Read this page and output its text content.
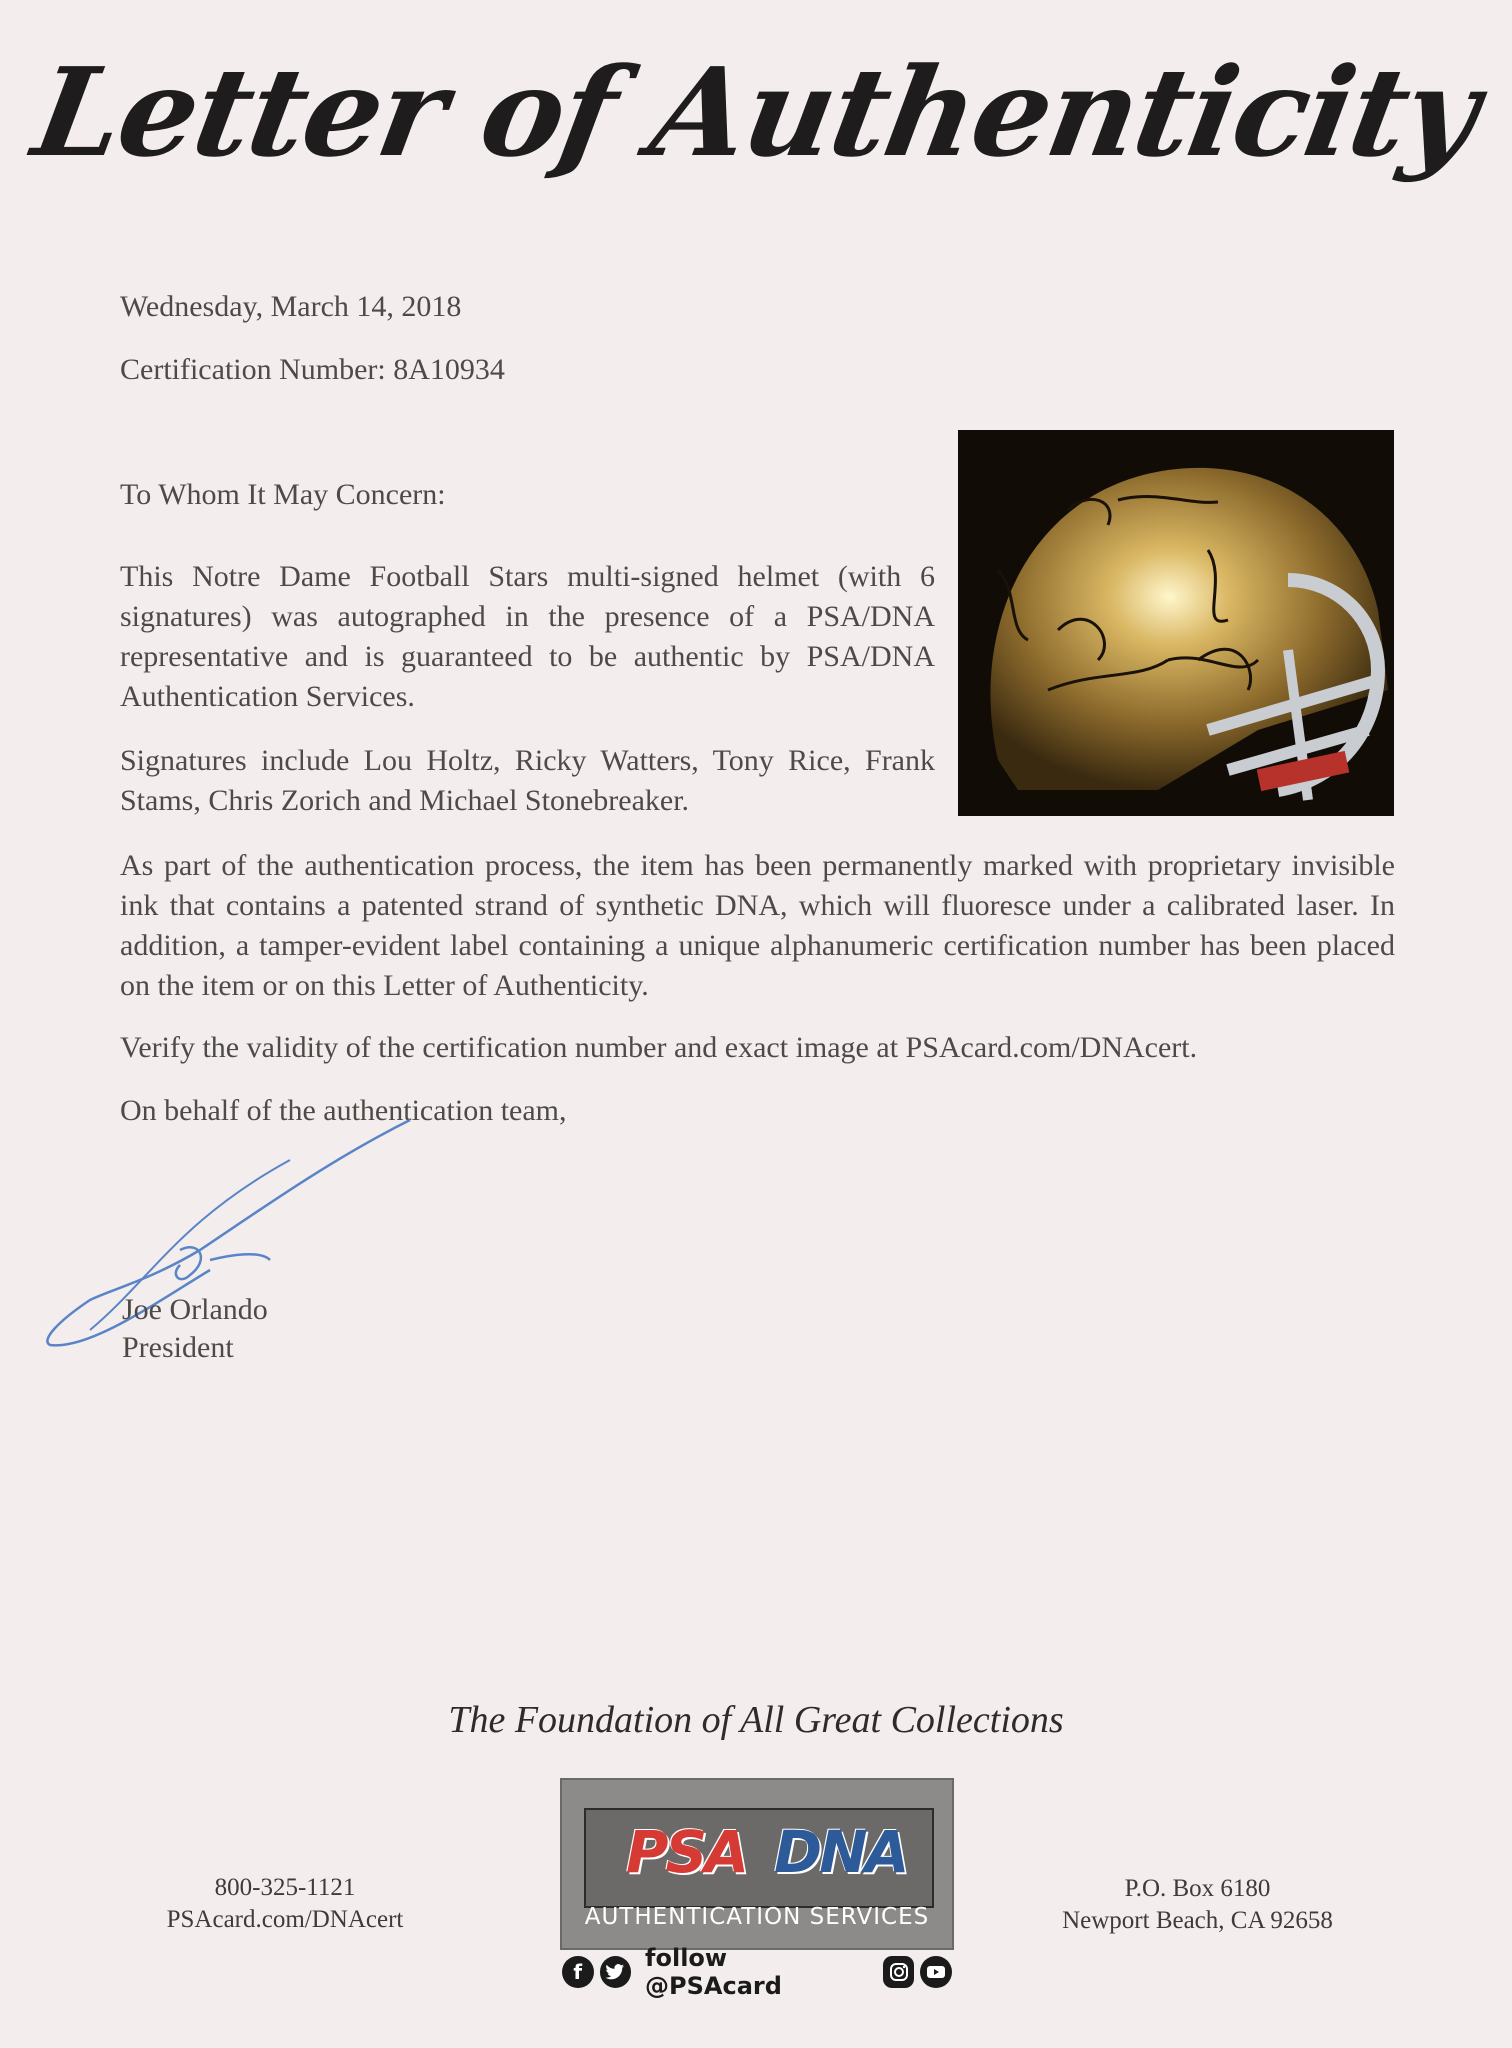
Letter of Authenticity
Wednesday, March 14, 2018
Certification Number: 8A10934
To Whom It May Concern:

This Notre Dame Football Stars multi-signed helmet (with 6 signatures) was autographed in the presence of a PSA/DNA representative and is guaranteed to be authentic by PSA/DNA Authentication Services.

Signatures include Lou Holtz, Ricky Watters, Tony Rice, Frank Stams, Chris Zorich and Michael Stonebreaker.

As part of the authentication process, the item has been permanently marked with proprietary invisible ink that contains a patented strand of synthetic DNA, which will fluoresce under a calibrated laser. In addition, a tamper-evident label containing a unique alphanumeric certification number has been placed on the item or on this Letter of Authenticity.

Verify the validity of the certification number and exact image at PSAcard.com/DNAcert.
On behalf of the authentication team,
Joe Orlando
President
The Foundation of All Great Collections
800-325-1121
PSAcard.com/DNAcert
PSA DNA
AUTHENTICATION SERVICES
f	follow @PSAcard
P.O. Box 6180
Newport Beach, CA 92658
